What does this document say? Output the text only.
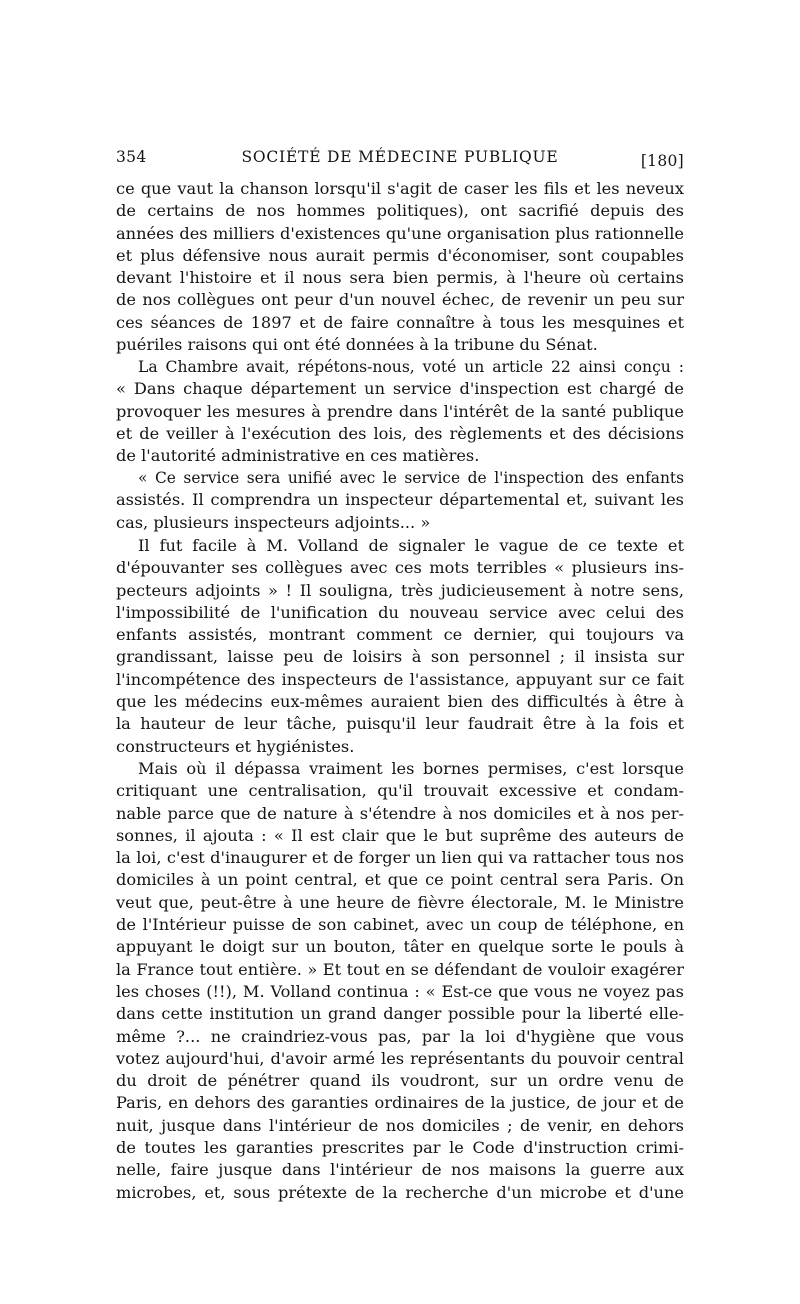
354	SOCIÉTÉ DE MÉDECINE PUBLIQUE	[180]
ce que vaut la chanson lorsqu'il s'agit de caser les fils et les neveux
de certains de nos hommes politiques), ont sacrifié depuis des
années des milliers d'existences qu'une organisation plus rationnelle
et plus défensive nous aurait permis d'économiser, sont coupables
devant l'histoire et il nous sera bien permis, à l'heure où certains
de nos collègues ont peur d'un nouvel échec, de revenir un peu sur
ces séances de 1897 et de faire connaître à tous les mesquines et
puériles raisons qui ont été données à la tribune du Sénat.
La Chambre avait, répétons-nous, voté un article 22 ainsi conçu :
« Dans chaque département un service d'inspection est chargé de
provoquer les mesures à prendre dans l'intérêt de la santé publique
et de veiller à l'exécution des lois, des règlements et des décisions
de l'autorité administrative en ces matières.
« Ce service sera unifié avec le service de l'inspection des enfants
assistés. Il comprendra un inspecteur départemental et, suivant les
cas, plusieurs inspecteurs adjoints... »
Il fut facile à M. Volland de signaler le vague de ce texte et
d'épouvanter ses collègues avec ces mots terribles « plusieurs ins-
pecteurs adjoints » ! Il souligna, très judicieusement à notre sens,
l'impossibilité de l'unification du nouveau service avec celui des
enfants assistés, montrant comment ce dernier, qui toujours va
grandissant, laisse peu de loisirs à son personnel ; il insista sur
l'incompétence des inspecteurs de l'assistance, appuyant sur ce fait
que les médecins eux-mêmes auraient bien des difficultés à être à
la hauteur de leur tâche, puisqu'il leur faudrait être à la fois et
constructeurs et hygiénistes.
Mais où il dépassa vraiment les bornes permises, c'est lorsque
critiquant une centralisation, qu'il trouvait excessive et condam-
nable parce que de nature à s'étendre à nos domiciles et à nos per-
sonnes, il ajouta : « Il est clair que le but suprême des auteurs de
la loi, c'est d'inaugurer et de forger un lien qui va rattacher tous nos
domiciles à un point central, et que ce point central sera Paris. On
veut que, peut-être à une heure de fièvre électorale, M. le Ministre
de l'Intérieur puisse de son cabinet, avec un coup de téléphone, en
appuyant le doigt sur un bouton, tâter en quelque sorte le pouls à
la France tout entière. » Et tout en se défendant de vouloir exagérer
les choses (!!), M. Volland continua : « Est-ce que vous ne voyez pas
dans cette institution un grand danger possible pour la liberté elle-
même ?... ne craindriez-vous pas, par la loi d'hygiène que vous
votez aujourd'hui, d'avoir armé les représentants du pouvoir central
du droit de pénétrer quand ils voudront, sur un ordre venu de
Paris, en dehors des garanties ordinaires de la justice, de jour et de
nuit, jusque dans l'intérieur de nos domiciles ; de venir, en dehors
de toutes les garanties prescrites par le Code d'instruction crimi-
nelle, faire jusque dans l'intérieur de nos maisons la guerre aux
microbes, et, sous prétexte de la recherche d'un microbe et d'une
